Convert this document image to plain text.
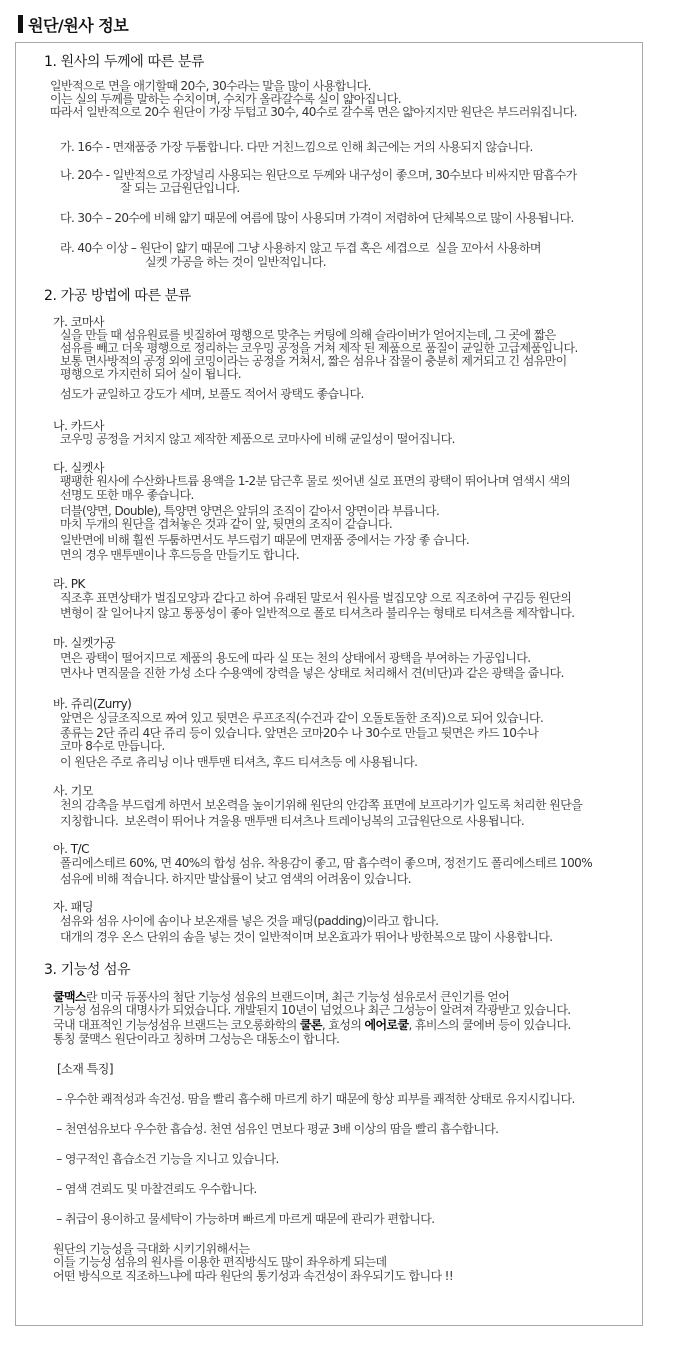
원단/원사 정보
1. 원사의 두께에 따른 분류
일반적으로 면을 애기할때 20수, 30수라는 말을 많이 사용합니다.
이는 실의 두께를 말하는 수치이며, 수치가 올라갈수록 실이 얇아집니다.
따라서 일반적으로 20수 원단이 가장 두텁고 30수, 40수로 갈수록 면은 얇아지지만 원단은 부드러워집니다.
가. 16수 - 면재품중 가장 두툼합니다. 다만 거친느낌으로 인해 최근에는 거의 사용되지 않습니다.
나. 20수 - 일반적으로 가장널리 사용되는 원단으로 두께와 내구성이 좋으며, 30수보다 비싸지만 땀흡수가
잘 되는 고급원단입니다.
다. 30수 – 20수에 비해 얇기 때문에 여름에 많이 사용되며 가격이 저렴하여 단체복으로 많이 사용됩니다.
라. 40수 이상 – 원단이 얇기 때문에 그냥 사용하지 않고 두겹 혹은 세겹으로  실을 꼬아서 사용하며
실켓 가공을 하는 것이 일반적입니다.
2. 가공 방법에 따른 분류
가. 코마사
실을 만들 때 섬유원료를 빗질하여 평행으로 맞추는 커팅에 의해 슬라이버가 얻어지는데, 그 곳에 짧은
섬유를 빼고 더욱 평행으로 정리하는 코우밍 공정을 거쳐 제작 된 제품으로 품질이 균일한 고급제품입니다.
보통 면사방적의 공정 외에 코밍이라는 공정을 거쳐서, 짧은 섬유나 잡물이 충분히 제거되고 긴 섬유만이
평행으로 가지런히 되어 실이 됩니다.
섬도가 균일하고 강도가 세며, 보풀도 적어서 광택도 좋습니다.
나. 카드사
코우밍 공정을 거치지 않고 제작한 제품으로 코마사에 비해 균일성이 떨어집니다.
다. 실켓사
팽팽한 원사에 수산화나트륨 용액을 1-2분 담근후 물로 씻어낸 실로 표면의 광택이 뛰어나며 염색시 색의
선명도 또한 매우 좋습니다.
더블(양면, Double), 특양면 양면은 앞뒤의 조직이 같아서 양면이라 부릅니다.
마치 두개의 원단을 겹쳐놓은 것과 같이 앞, 뒷면의 조직이 같습니다.
일반면에 비해 훨씬 두툼하면서도 부드럽기 때문에 면재품 중에서는 가장 좋 습니다.
면의 경우 맨투맨이나 후드등을 만들기도 합니다.
라. PK
직조후 표면상태가 벌집모양과 같다고 하여 유래된 말로서 원사를 벌집모양 으로 직조하여 구김등 원단의
변형이 잘 일어나지 않고 통풍성이 좋아 일반적으로 폴로 티셔츠라 불리우는 형태로 티셔츠를 제작합니다.
마. 실켓가공
면은 광택이 떨어지므로 제품의 용도에 따라 실 또는 천의 상태에서 광택을 부여하는 가공입니다.
면사나 면직물을 진한 가성 소다 수용액에 장력을 넣은 상태로 처리해서 견(비단)과 같은 광택을 줍니다.
바. 쥬리(Zurry)
앞면은 싱글조직으로 짜여 있고 뒷면은 루프조직(수건과 같이 오돌토돌한 조직)으로 되어 있습니다.
종류는 2단 쥬리 4단 쥬리 등이 있습니다. 앞면은 코마20수 나 30수로 만들고 뒷면은 카드 10수나
코마 8수로 만듭니다.
이 원단은 주로 츄리닝 이나 맨투맨 티셔츠, 후드 티셔츠등 에 사용됩니다.
사. 기모
천의 감촉을 부드럽게 하면서 보온력을 높이기위해 원단의 안감쪽 표면에 보프라기가 일도록 처리한 원단을
지칭합니다.  보온력이 뛰어나 겨울용 맨투맨 티셔츠나 트레이닝복의 고급원단으로 사용됩니다.
아. T/C
폴리에스테르 60%, 면 40%의 합성 섬유. 착용감이 좋고, 땀 흡수력이 좋으며, 정전기도 폴리에스테르 100%
섬유에 비해 적습니다. 하지만 발삽률이 낮고 염색의 어려움이 있습니다.
자. 패딩
섬유와 섬유 사이에 솜이나 보온재를 넣은 것을 패딩(padding)이라고 합니다.
대개의 경우 온스 단위의 솜을 넣는 것이 일반적이며 보온효과가 뛰어나 방한복으로 많이 사용합니다.
3. 기능성 섬유
쿨맥스란 미국 듀퐁사의 첨단 기능성 섬유의 브랜드이며, 최근 기능성 섬유로서 큰인기를 얻어
기능성 섬유의 대명사가 되었습니다. 개발된지 10년이 넘었으나 최근 그성능이 알려져 각광받고 있습니다.
국내 대표적인 기능성섬유 브랜드는 코오롱화학의 쿨론, 효성의 에어로쿨, 휴비스의 쿨에버 등이 있습니다.
통칭 쿨맥스 원단이라고 칭하며 그성능은 대동소이 합니다.
[소재 특징]
– 우수한 쾌적성과 속건성. 땀을 빨리 흡수해 마르게 하기 때문에 항상 피부를 쾌적한 상태로 유지시킵니다.
– 천연섬유보다 우수한 흡습성. 천연 섬유인 면보다 평균 3배 이상의 땀을 빨리 흡수합니다.
– 영구적인 흡습소건 기능을 지니고 있습니다.
– 염색 견뢰도 및 마찰견뢰도 우수합니다.
– 취급이 용이하고 물세탁이 가능하며 빠르게 마르게 때문에 관리가 편합니다.
원단의 기능성을 극대화 시키기위해서는
이들 기능성 섬유의 원사를 이용한 편직방식도 많이 좌우하게 되는데
어떤 방식으로 직조하느냐에 따라 원단의 통기성과 속건성이 좌우되기도 합니다 !!
